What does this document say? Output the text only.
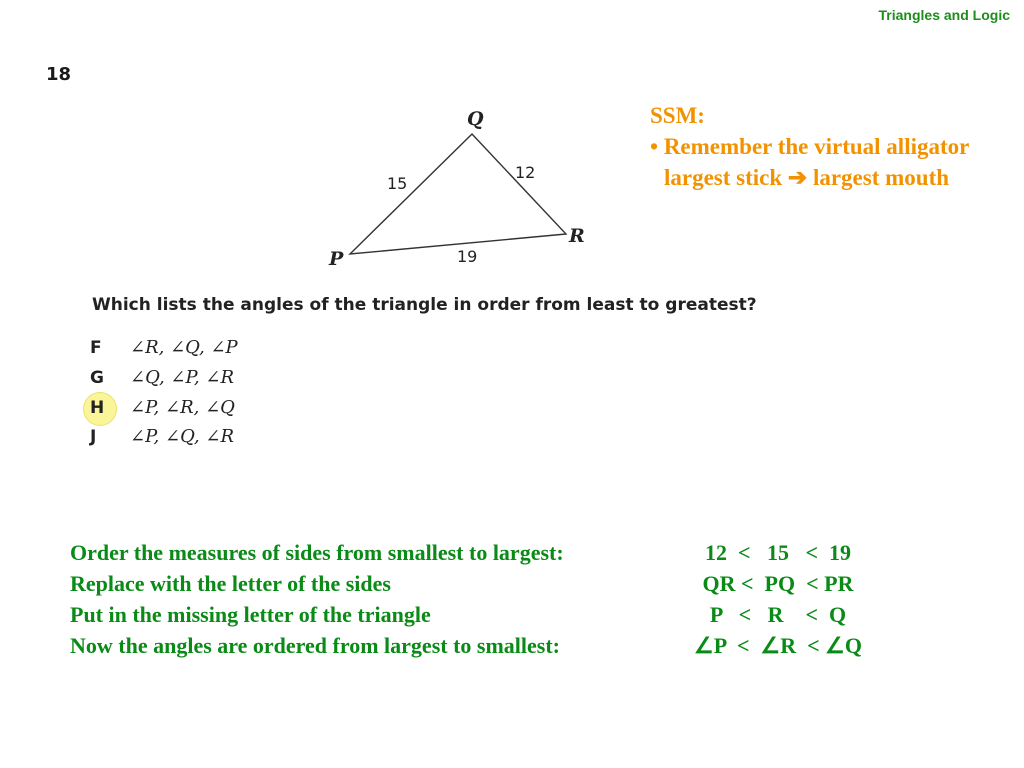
Triangles and Logic
18
Q
R
P
15
12
19
SSM:
• Remember the virtual alligator
largest stick ➔ largest mouth
Which lists the angles of the triangle in order from least to greatest?
F	∠R, ∠Q, ∠P
G	∠Q, ∠P, ∠R
H	∠P, ∠R, ∠Q
J	∠P, ∠Q, ∠R
Order the measures of sides from smallest to largest:	12  <   15   <  19
Replace with the letter of the sides	QR <  PQ  < PR
Put in the missing letter of the triangle	P   <   R    <  Q
Now the angles are ordered from largest to smallest:	∠P  <  ∠R  < ∠Q
